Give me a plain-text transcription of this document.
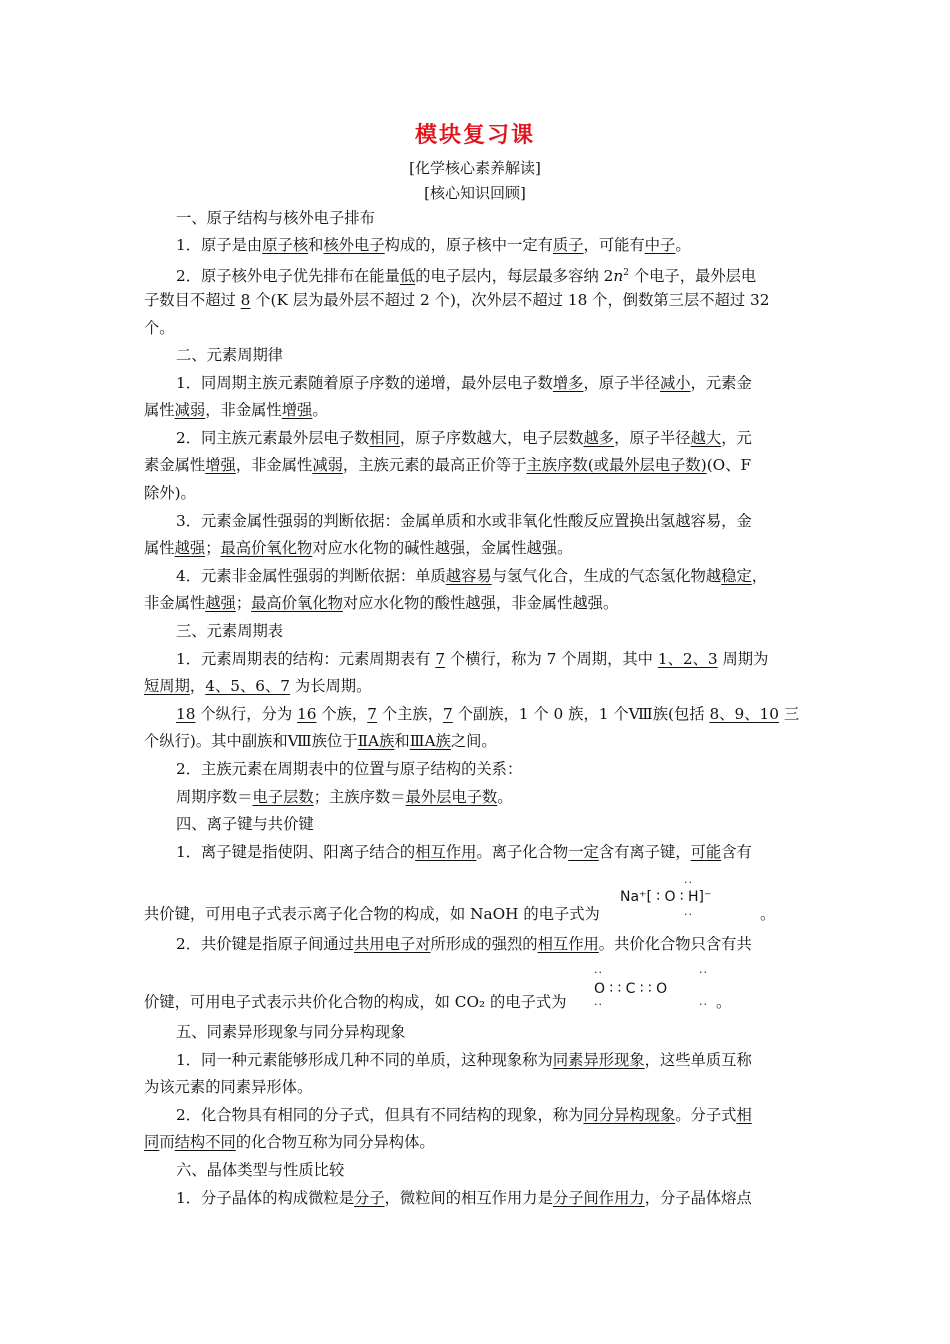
模块复习课
[化学核心素养解读]
[核心知识回顾]
一、原子结构与核外电子排布
1．原子是由原子核和核外电子构成的，原子核中一定有质子，可能有中子。
2．原子核外电子优先排布在能量低的电子层内，每层最多容纳 $2n^2$ 个电子，最外层电
子数目不超过 8 个(K 层为最外层不超过 2 个)，次外层不超过 18 个，倒数第三层不超过 32
个。
二、元素周期律
1．同周期主族元素随着原子序数的递增，最外层电子数增多，原子半径减小，元素金
属性减弱，非金属性增强。
2．同主族元素最外层电子数相同，原子序数越大，电子层数越多，原子半径越大，元
素金属性增强，非金属性减弱，主族元素的最高正价等于主族序数(或最外层电子数)(O、F
除外)。
3．元素金属性强弱的判断依据：金属单质和水或非氧化性酸反应置换出氢越容易，金
属性越强；最高价氧化物对应水化物的碱性越强，金属性越强。
4．元素非金属性强弱的判断依据：单质越容易与氢气化合，生成的气态氢化物越稳定，
非金属性越强；最高价氧化物对应水化物的酸性越强，非金属性越强。
三、元素周期表
1．元素周期表的结构：元素周期表有 7 个横行，称为 7 个周期，其中 1、2、3 周期为
短周期，4、5、6、7 为长周期。
18 个纵行，分为 16 个族，7 个主族，7 个副族，1 个 0 族，1 个Ⅷ族(包括 8、9、10 三
个纵行)。其中副族和Ⅷ族位于ⅡA族和ⅢA族之间。
2．主族元素在周期表中的位置与原子结构的关系：
周期序数＝电子层数；主族序数＝最外层电子数。
四、离子键与共价键
1．离子键是指使阴、阳离子结合的相互作用。离子化合物一定含有离子键，可能含有
共价键，可用电子式表示离子化合物的构成，如 NaOH 的电子式为
Na⁺[ ∶ O ∶ H]⁻
··
··	。
2．共价键是指原子间通过共用电子对所形成的强烈的相互作用。共价化合物只含有共
价键，可用电子式表示共价化合物的构成，如 CO₂ 的电子式为
O ∶ ∶ C ∶ ∶ O
··	··
··	·· 。
五、同素异形现象与同分异构现象
1．同一种元素能够形成几种不同的单质，这种现象称为同素异形现象，这些单质互称
为该元素的同素异形体。
2．化合物具有相同的分子式，但具有不同结构的现象，称为同分异构现象。分子式相
同而结构不同的化合物互称为同分异构体。
六、晶体类型与性质比较
1．分子晶体的构成微粒是分子，微粒间的相互作用力是分子间作用力，分子晶体熔点
